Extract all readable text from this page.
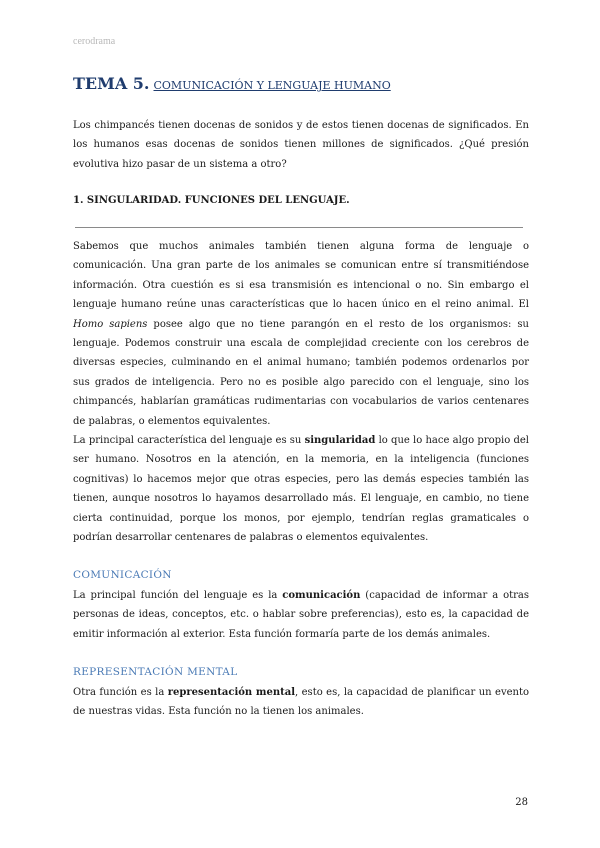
cerodrama
TEMA 5. COMUNICACIÓN Y LENGUAJE HUMANO
Los chimpancés tienen docenas de sonidos y de estos tienen docenas de significados. En los humanos esas docenas de sonidos tienen millones de significados. ¿Qué presión evolutiva hizo pasar de un sistema a otro?
1. SINGULARIDAD. FUNCIONES DEL LENGUAJE.
Sabemos que muchos animales también tienen alguna forma de lenguaje o comunicación. Una gran parte de los animales se comunican entre sí transmitiéndose información. Otra cuestión es si esa transmisión es intencional o no. Sin embargo el lenguaje humano reúne unas características que lo hacen único en el reino animal. El Homo sapiens posee algo que no tiene parangón en el resto de los organismos: su lenguaje. Podemos construir una escala de complejidad creciente con los cerebros de diversas especies, culminando en el animal humano; también podemos ordenarlos por sus grados de inteligencia. Pero no es posible algo parecido con el lenguaje, sino los chimpancés, hablarían gramáticas rudimentarias con vocabularios de varios centenares de palabras, o elementos equivalentes.
La principal característica del lenguaje es su singularidad lo que lo hace algo propio del ser humano. Nosotros en la atención, en la memoria, en la inteligencia (funciones cognitivas) lo hacemos mejor que otras especies, pero las demás especies también las tienen, aunque nosotros lo hayamos desarrollado más. El lenguaje, en cambio, no tiene cierta continuidad, porque los monos, por ejemplo, tendrían reglas gramaticales o podrían desarrollar centenares de palabras o elementos equivalentes.
COMUNICACIÓN
La principal función del lenguaje es la comunicación (capacidad de informar a otras personas de ideas, conceptos, etc. o hablar sobre preferencias), esto es, la capacidad de emitir información al exterior. Esta función formaría parte de los demás animales.
REPRESENTACIÓN MENTAL
Otra función es la representación mental, esto es, la capacidad de planificar un evento de nuestras vidas. Esta función no la tienen los animales.
28
